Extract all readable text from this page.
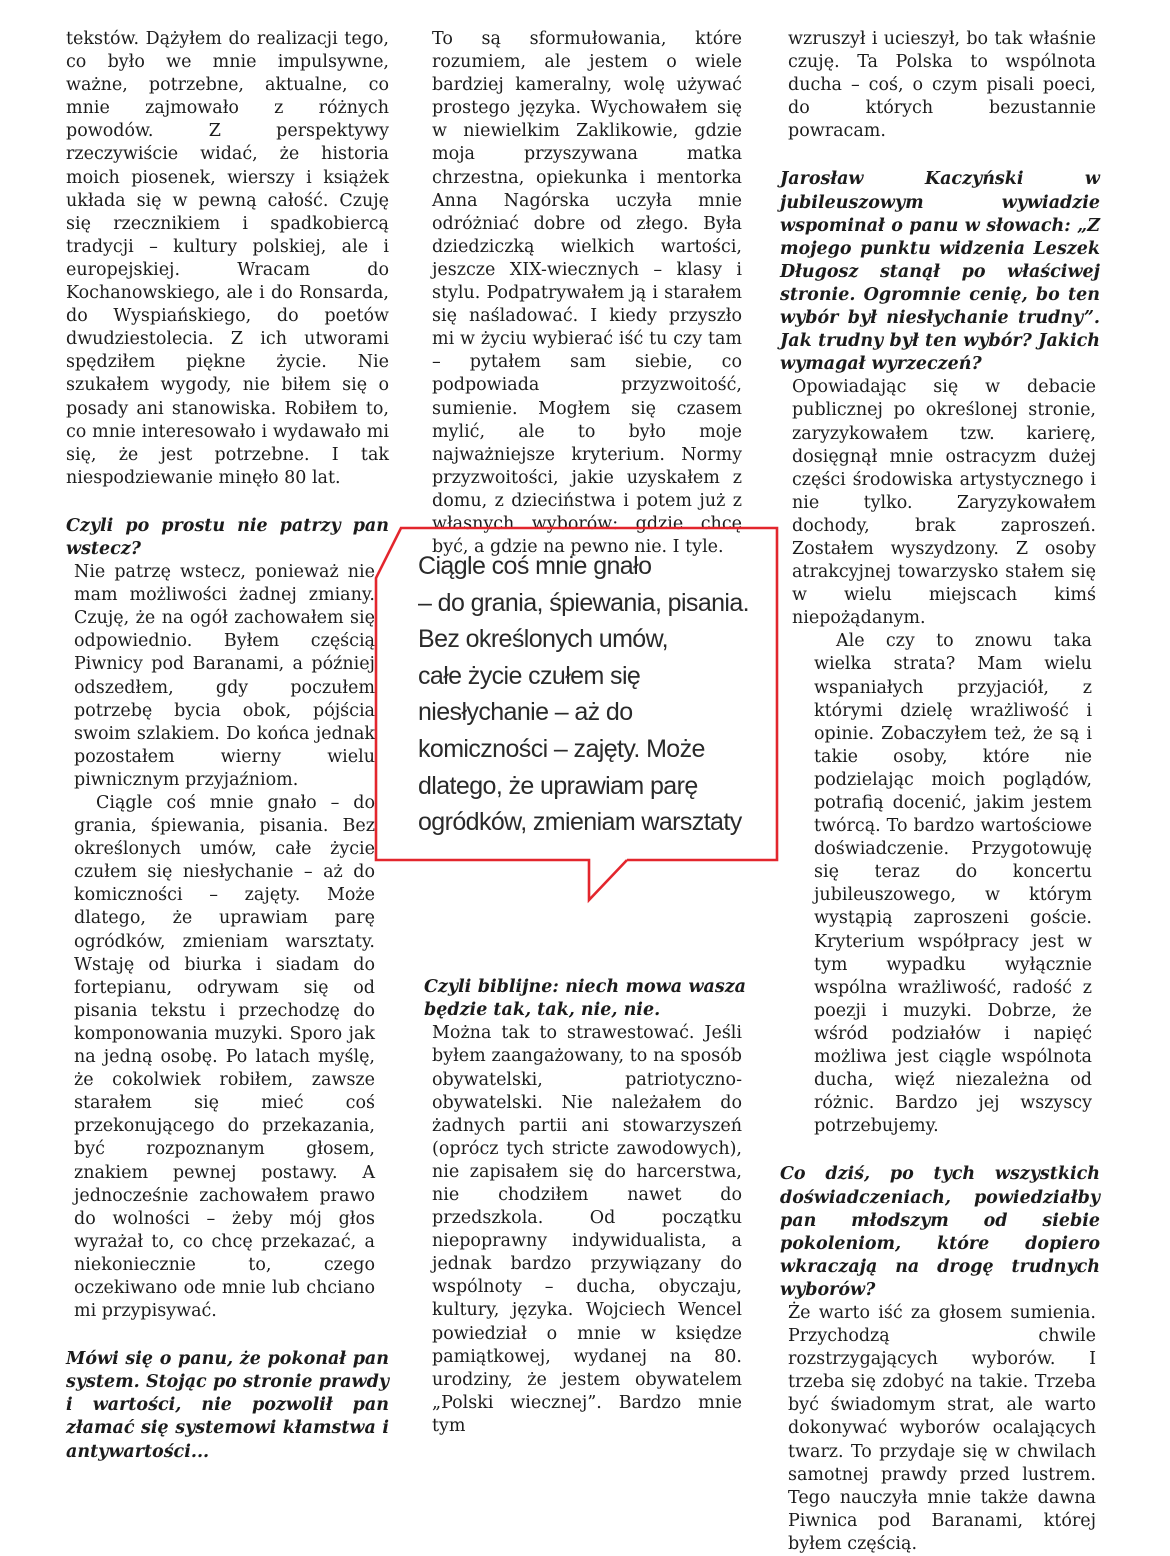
tekstów. Dążyłem do realizacji tego, co było we mnie impulsywne, ważne, potrzebne, aktualne, co mnie zajmowało z różnych powodów. Z perspektywy rzeczywiście widać, że historia moich piosenek, wierszy i książek układa się w pewną całość. Czuję się rzecznikiem i spadkobiercą tradycji – kultury polskiej, ale i europejskiej. Wracam do Kochanowskiego, ale i do Ronsarda, do Wyspiańskiego, do poetów dwudziestolecia. Z ich utworami spędziłem piękne życie. Nie szukałem wygody, nie biłem się o posady ani stanowiska. Robiłem to, co mnie interesowało i wydawało mi się, że jest potrzebne. I tak niespodziewanie minęło 80 lat.

Czyli po prostu nie patrzy pan wstecz?

Nie patrzę wstecz, ponieważ nie mam możliwości żadnej zmiany. Czuję, że na ogół zachowałem się odpowiednio. Byłem częścią Piwnicy pod Baranami, a później odszedłem, gdy poczułem potrzebę bycia obok, pójścia swoim szlakiem. Do końca jednak pozostałem wierny wielu piwnicznym przyjaźniom.

Ciągle coś mnie gnało – do grania, śpiewania, pisania. Bez określonych umów, całe życie czułem się niesłychanie – aż do komiczności – zajęty. Może dlatego, że uprawiam parę ogródków, zmieniam warsztaty. Wstaję od biurka i siadam do fortepianu, odrywam się od pisania tekstu i przechodzę do komponowania muzyki. Sporo jak na jedną osobę. Po latach myślę, że cokolwiek robiłem, zawsze starałem się mieć coś przekonującego do przekazania, być rozpoznanym głosem, znakiem pewnej postawy. A jednocześnie zachowałem prawo do wolności – żeby mój głos wyrażał to, co chcę przekazać, a niekoniecznie to, czego oczekiwano ode mnie lub chciano mi przypisywać.

Mówi się o panu, że pokonał pan system. Stojąc po stronie prawdy i wartości, nie pozwolił pan złamać się systemowi kłamstwa i antywartości...

To są sformułowania, które rozumiem, ale jestem o wiele bardziej kameralny, wolę używać prostego języka. Wychowałem się w niewielkim Zaklikowie, gdzie moja przyszywana matka chrzestna, opiekunka i mentorka Anna Nagórska uczyła mnie odróżniać dobre od złego. Była dziedziczką wielkich wartości, jeszcze XIX-wiecznych – klasy i stylu. Podpatrywałem ją i starałem się naśladować. I kiedy przyszło mi w życiu wybierać iść tu czy tam – pytałem sam siebie, co podpowiada przyzwoitość, sumienie. Mogłem się czasem mylić, ale to było moje najważniejsze kryterium. Normy przyzwoitości, jakie uzyskałem z domu, z dzieciństwa i potem już z własnych wyborów: gdzie chcę być, a gdzie na pewno nie. I tyle.

Czyli biblijne: niech mowa wasza będzie tak, tak, nie, nie.

Można tak to strawestować. Jeśli byłem zaangażowany, to na sposób obywatelski, patriotyczno-obywatelski. Nie należałem do żadnych partii ani stowarzyszeń (oprócz tych stricte zawodowych), nie zapisałem się do harcerstwa, nie chodziłem nawet do przedszkola. Od początku niepoprawny indywidualista, a jednak bardzo przywiązany do wspólnoty – ducha, obyczaju, kultury, języka. Wojciech Wencel powiedział o mnie w księdze pamiątkowej, wydanej na 80. urodziny, że jestem obywatelem „Polski wiecznej”. Bardzo mnie tym

wzruszył i ucieszył, bo tak właśnie czuję. Ta Polska to wspólnota ducha – coś, o czym pisali poeci, do których bezustannie powracam.

Jarosław Kaczyński w jubileuszowym wywiadzie wspominał o panu w słowach: „Z mojego punktu widzenia Leszek Długosz stanął po właściwej stronie. Ogromnie cenię, bo ten wybór był niesłychanie trudny”. Jak trudny był ten wybór? Jakich wymagał wyrzeczeń?

Opowiadając się w debacie publicznej po określonej stronie, zaryzykowałem tzw. karierę, dosięgnął mnie ostracyzm dużej części środowiska artystycznego i nie tylko. Zaryzykowałem dochody, brak zaproszeń. Zostałem wyszydzony. Z osoby atrakcyjnej towarzysko stałem się w wielu miejscach kimś niepożądanym.

Ale czy to znowu taka wielka strata? Mam wielu wspaniałych przyjaciół, z którymi dzielę wrażliwość i opinie. Zobaczyłem też, że są i takie osoby, które nie podzielając moich poglądów, potrafią docenić, jakim jestem twórcą. To bardzo wartościowe doświadczenie. Przygotowuję się teraz do koncertu jubileuszowego, w którym wystąpią zaproszeni goście. Kryterium współpracy jest w tym wypadku wyłącznie wspólna wrażliwość, radość z poezji i muzyki. Dobrze, że wśród podziałów i napięć możliwa jest ciągle wspólnota ducha, więź niezależna od różnic. Bardzo jej wszyscy potrzebujemy.

Co dziś, po tych wszystkich doświadczeniach, powiedziałby pan młodszym od siebie pokoleniom, które dopiero wkraczają na drogę trudnych wyborów?

Że warto iść za głosem sumienia. Przychodzą chwile rozstrzygających wyborów. I trzeba się zdobyć na takie. Trzeba być świadomym strat, ale warto dokonywać wyborów ocalających twarz. To przydaje się w chwilach samotnej prawdy przed lustrem. Tego nauczyła mnie także dawna Piwnica pod Baranami, której byłem częścią.

Ciągle coś mnie gnało

– do grania, śpiewania, pisania.

Bez określonych umów,

całe życie czułem się

niesłychanie – aż do

komiczności – zajęty. Może

dlatego, że uprawiam parę

ogródków, zmieniam warsztaty
